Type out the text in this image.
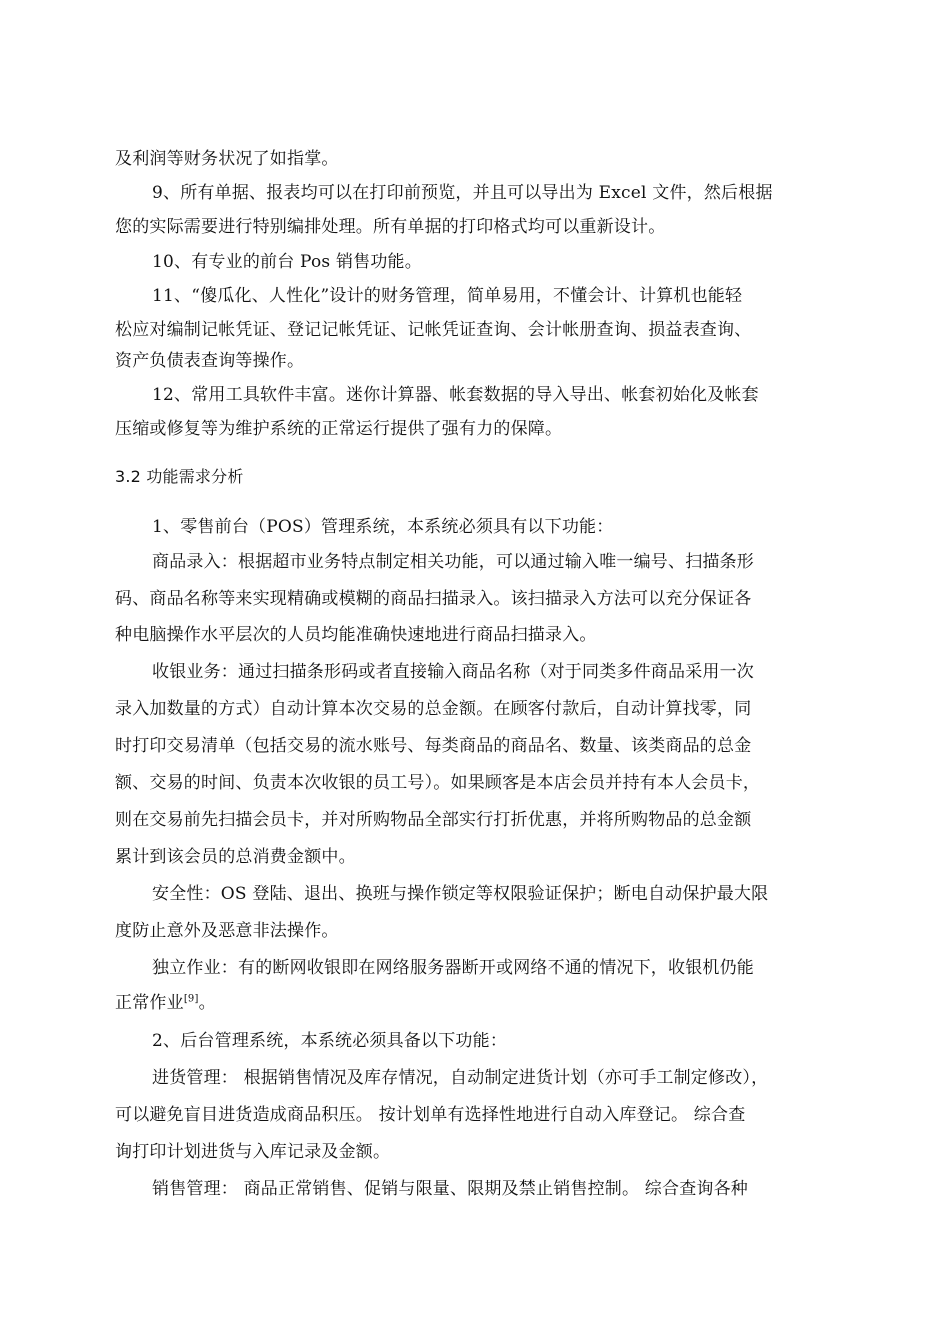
及利润等财务状况了如指掌。
9、所有单据、报表均可以在打印前预览，并且可以导出为 Excel 文件，然后根据
您的实际需要进行特别编排处理。所有单据的打印格式均可以重新设计。
10、有专业的前台 Pos 销售功能。
11、“傻瓜化、人性化”设计的财务管理，简单易用，不懂会计、计算机也能轻
松应对编制记帐凭证、登记记帐凭证、记帐凭证查询、会计帐册查询、损益表查询、
资产负债表查询等操作。
12、常用工具软件丰富。迷你计算器、帐套数据的导入导出、帐套初始化及帐套
压缩或修复等为维护系统的正常运行提供了强有力的保障。
3.2 功能需求分析
1、零售前台（POS）管理系统，本系统必须具有以下功能：
商品录入：根据超市业务特点制定相关功能，可以通过输入唯一编号、扫描条形
码、商品名称等来实现精确或模糊的商品扫描录入。该扫描录入方法可以充分保证各
种电脑操作水平层次的人员均能准确快速地进行商品扫描录入。
收银业务：通过扫描条形码或者直接输入商品名称（对于同类多件商品采用一次
录入加数量的方式）自动计算本次交易的总金额。在顾客付款后，自动计算找零，同
时打印交易清单（包括交易的流水账号、每类商品的商品名、数量、该类商品的总金
额、交易的时间、负责本次收银的员工号）。如果顾客是本店会员并持有本人会员卡，
则在交易前先扫描会员卡，并对所购物品全部实行打折优惠，并将所购物品的总金额
累计到该会员的总消费金额中。
安全性：OS 登陆、退出、换班与操作锁定等权限验证保护；断电自动保护最大限
度防止意外及恶意非法操作。
独立作业：有的断网收银即在网络服务器断开或网络不通的情况下，收银机仍能
正常作业[9]。
2、后台管理系统，本系统必须具备以下功能：
进货管理： 根据销售情况及库存情况，自动制定进货计划（亦可手工制定修改），
可以避免盲目进货造成商品积压。 按计划单有选择性地进行自动入库登记。 综合查
询打印计划进货与入库记录及金额。
销售管理： 商品正常销售、促销与限量、限期及禁止销售控制。 综合查询各种
